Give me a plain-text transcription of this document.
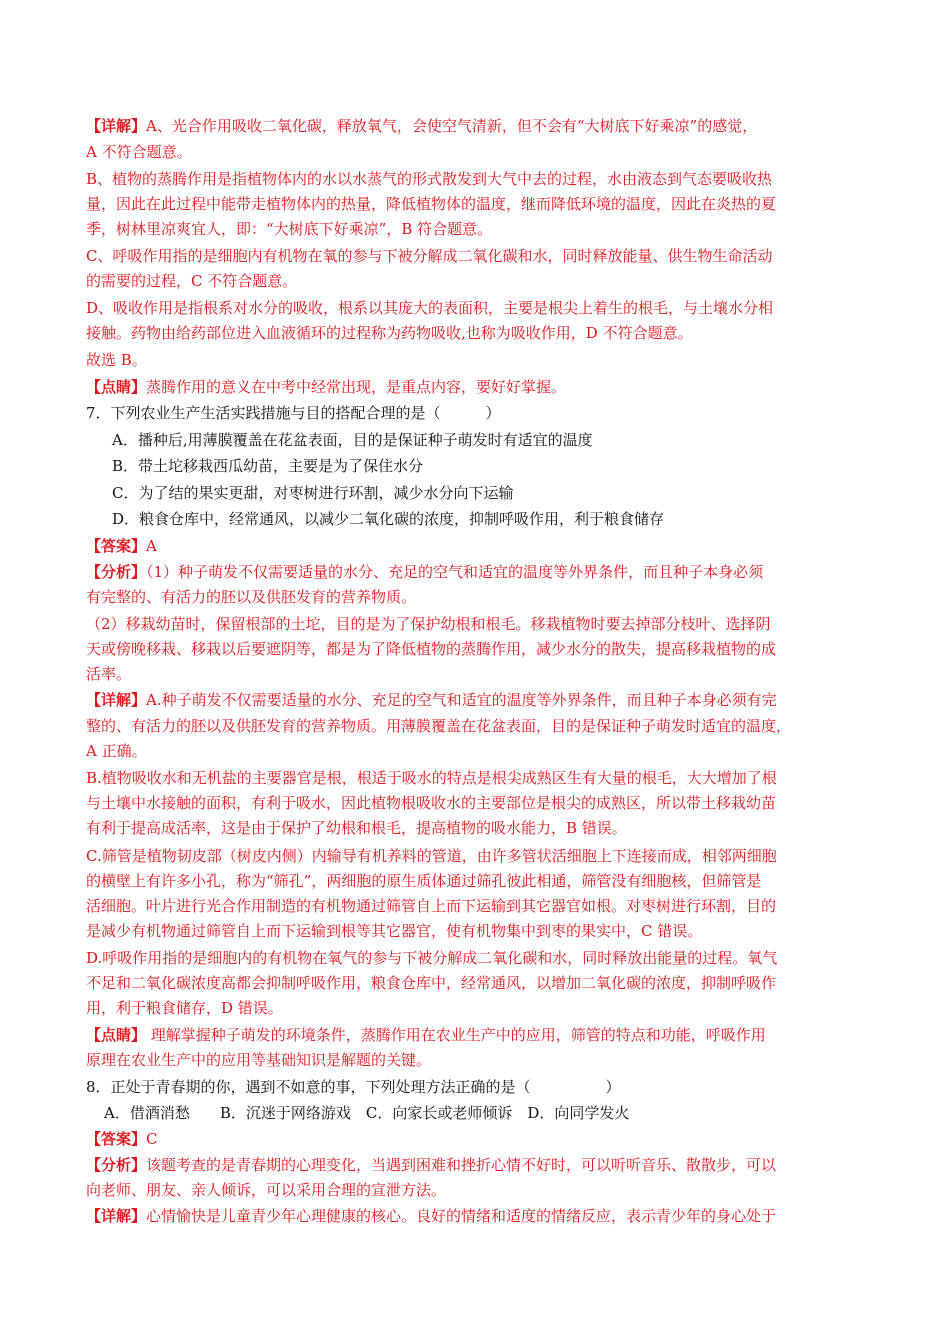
【详解】A、光合作用吸收二氧化碳，释放氧气，会使空气清新，但不会有“大树底下好乘凉”的感觉，
A 不符合题意。
B、植物的蒸腾作用是指植物体内的水以水蒸气的形式散发到大气中去的过程，水由液态到气态要吸收热
量，因此在此过程中能带走植物体内的热量，降低植物体的温度，继而降低环境的温度，因此在炎热的夏
季，树林里凉爽宜人，即：“大树底下好乘凉”，B 符合题意。
C、呼吸作用指的是细胞内有机物在氧的参与下被分解成二氧化碳和水，同时释放能量、供生物生命活动
的需要的过程，C 不符合题意。
D、吸收作用是指根系对水分的吸收，根系以其庞大的表面积，主要是根尖上着生的根毛，与土壤水分相
接触。药物由给药部位进入血液循环的过程称为药物吸收,也称为吸收作用，D 不符合题意。
故选 B。
【点睛】蒸腾作用的意义在中考中经常出现，是重点内容，要好好掌握。
7．下列农业生产生活实践措施与目的搭配合理的是（　　　）
A．播种后,用薄膜覆盖在花盆表面，目的是保证种子萌发时有适宜的温度
B．带土坨移栽西瓜幼苗，主要是为了保住水分
C．为了结的果实更甜，对枣树进行环割，减少水分向下运输
D．粮食仓库中，经常通风，以减少二氧化碳的浓度，抑制呼吸作用，利于粮食储存
【答案】A
【分析】（1）种子萌发不仅需要适量的水分、充足的空气和适宜的温度等外界条件，而且种子本身必须
有完整的、有活力的胚以及供胚发育的营养物质。
（2）移栽幼苗时，保留根部的土坨，目的是为了保护幼根和根毛。移栽植物时要去掉部分枝叶、选择阴
天或傍晚移栽、移栽以后要遮阴等，都是为了降低植物的蒸腾作用，减少水分的散失，提高移栽植物的成
活率。
【详解】A.种子萌发不仅需要适量的水分、充足的空气和适宜的温度等外界条件，而且种子本身必须有完
整的、有活力的胚以及供胚发育的营养物质。用薄膜覆盖在花盆表面，目的是保证种子萌发时适宜的温度，
A 正确。
B.植物吸收水和无机盐的主要器官是根，根适于吸水的特点是根尖成熟区生有大量的根毛，大大增加了根
与土壤中水接触的面积，有利于吸水，因此植物根吸收水的主要部位是根尖的成熟区，所以带土移栽幼苗
有利于提高成活率，这是由于保护了幼根和根毛，提高植物的吸水能力，B 错误。
C.筛管是植物韧皮部（树皮内侧）内输导有机养料的管道，由许多管状活细胞上下连接而成，相邻两细胞
的横壁上有许多小孔，称为“筛孔”，两细胞的原生质体通过筛孔彼此相通，筛管没有细胞核，但筛管是
活细胞。叶片进行光合作用制造的有机物通过筛管自上而下运输到其它器官如根。对枣树进行环割，目的
是减少有机物通过筛管自上而下运输到根等其它器官，使有机物集中到枣的果实中，C 错误。
D.呼吸作用指的是细胞内的有机物在氧气的参与下被分解成二氧化碳和水，同时释放出能量的过程。氧气
不足和二氧化碳浓度高都会抑制呼吸作用，粮食仓库中，经常通风，以增加二氧化碳的浓度，抑制呼吸作
用，利于粮食储存，D 错误。
【点睛】 理解掌握种子萌发的环境条件，蒸腾作用在农业生产中的应用，筛管的特点和功能，呼吸作用
原理在农业生产中的应用等基础知识是解题的关键。
8．正处于青春期的你，遇到不如意的事，下列处理方法正确的是（　　　　　）
A．借酒消愁　　B．沉迷于网络游戏　C．向家长或老师倾诉　D．向同学发火
【答案】C
【分析】该题考查的是青春期的心理变化，当遇到困难和挫折心情不好时，可以听听音乐、散散步，可以
向老师、朋友、亲人倾诉，可以采用合理的宣泄方法。
【详解】心情愉快是儿童青少年心理健康的核心。良好的情绪和适度的情绪反应，表示青少年的身心处于
